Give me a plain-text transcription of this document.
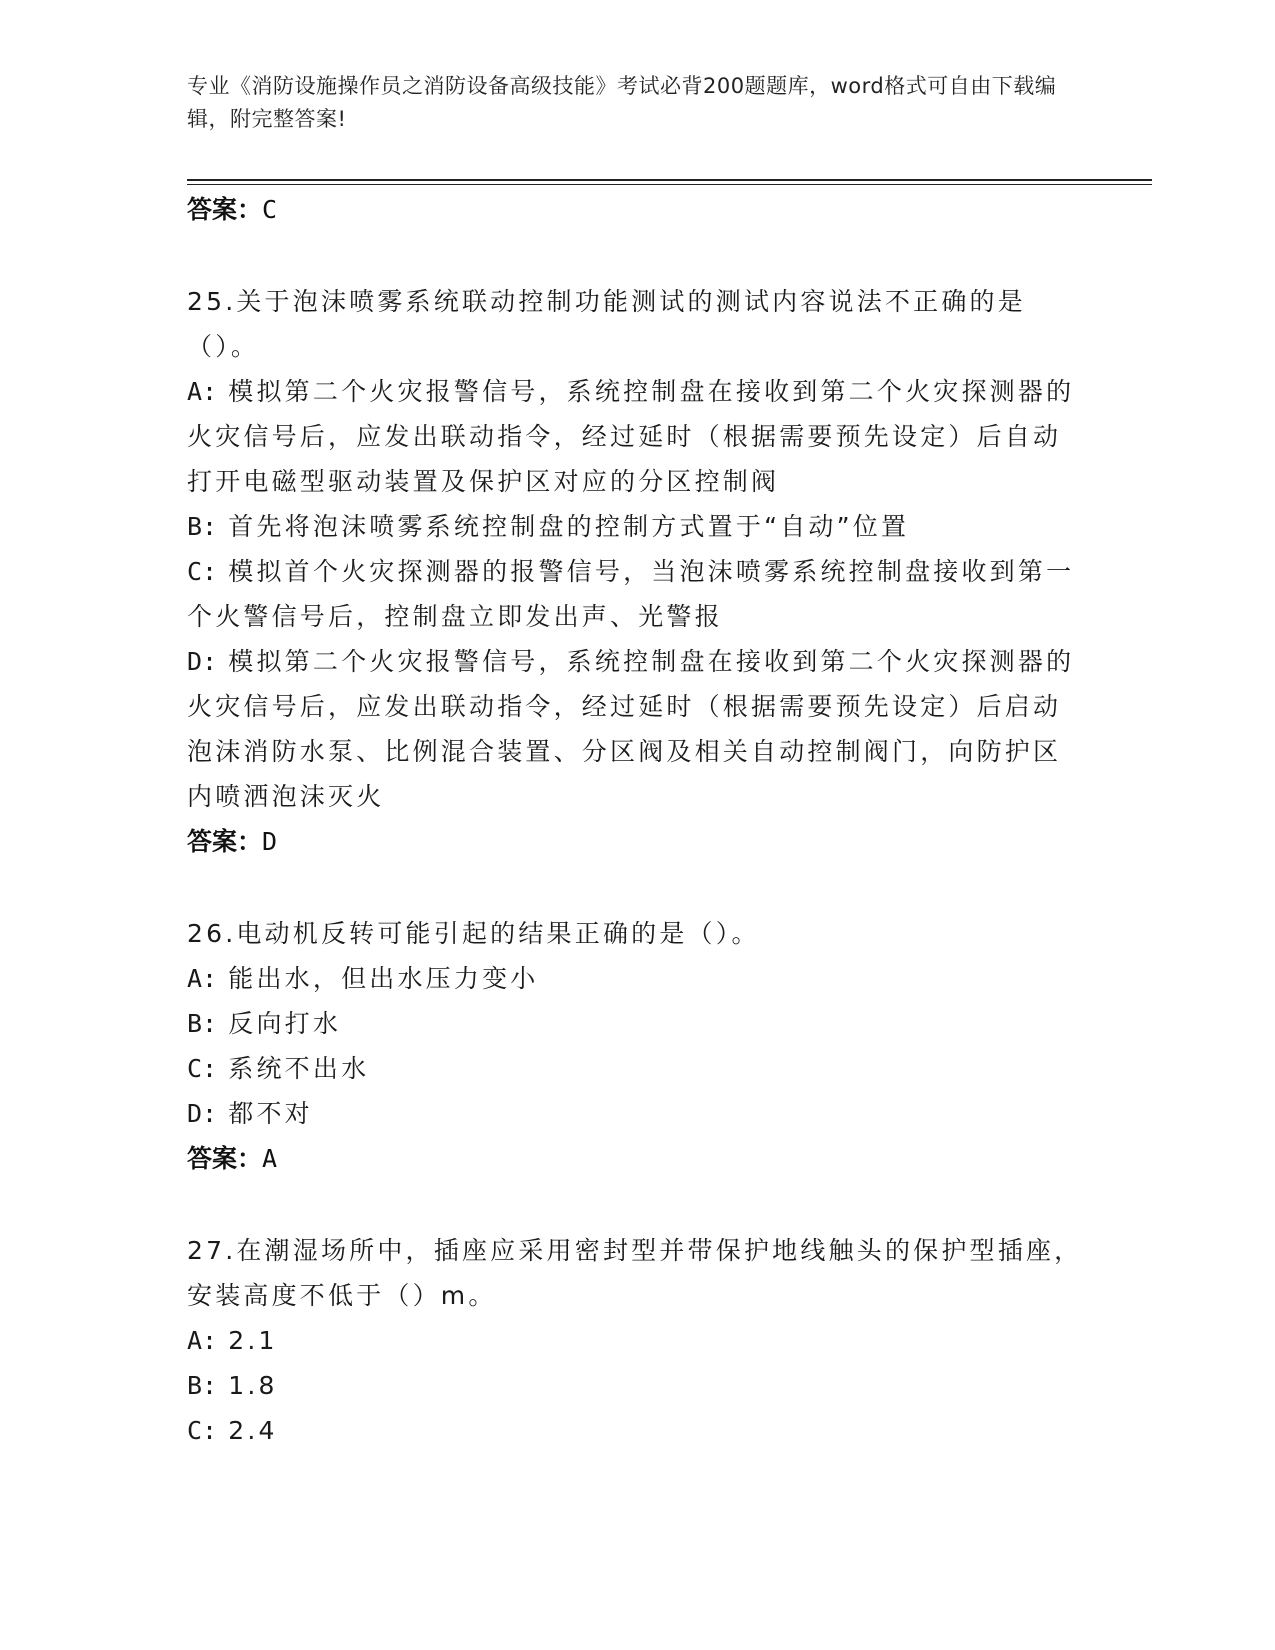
专业《消防设施操作员之消防设备高级技能》考试必背200题题库，word格式可自由下载编辑，附完整答案!

答案：C

25.关于泡沫喷雾系统联动控制功能测试的测试内容说法不正确的是（）。

A: 模拟第二个火灾报警信号，系统控制盘在接收到第二个火灾探测器的火灾信号后，应发出联动指令，经过延时（根据需要预先设定）后自动打开电磁型驱动装置及保护区对应的分区控制阀

B: 首先将泡沫喷雾系统控制盘的控制方式置于“自动”位置

C: 模拟首个火灾探测器的报警信号，当泡沫喷雾系统控制盘接收到第一个火警信号后，控制盘立即发出声、光警报

D: 模拟第二个火灾报警信号，系统控制盘在接收到第二个火灾探测器的火灾信号后，应发出联动指令，经过延时（根据需要预先设定）后启动泡沫消防水泵、比例混合装置、分区阀及相关自动控制阀门，向防护区内喷洒泡沫灭火

答案：D

26.电动机反转可能引起的结果正确的是（）。

A: 能出水，但出水压力变小

B: 反向打水

C: 系统不出水

D: 都不对

答案：A

27.在潮湿场所中，插座应采用密封型并带保护地线触头的保护型插座，安装高度不低于（）m。

A: 2.1

B: 1.8

C: 2.4
